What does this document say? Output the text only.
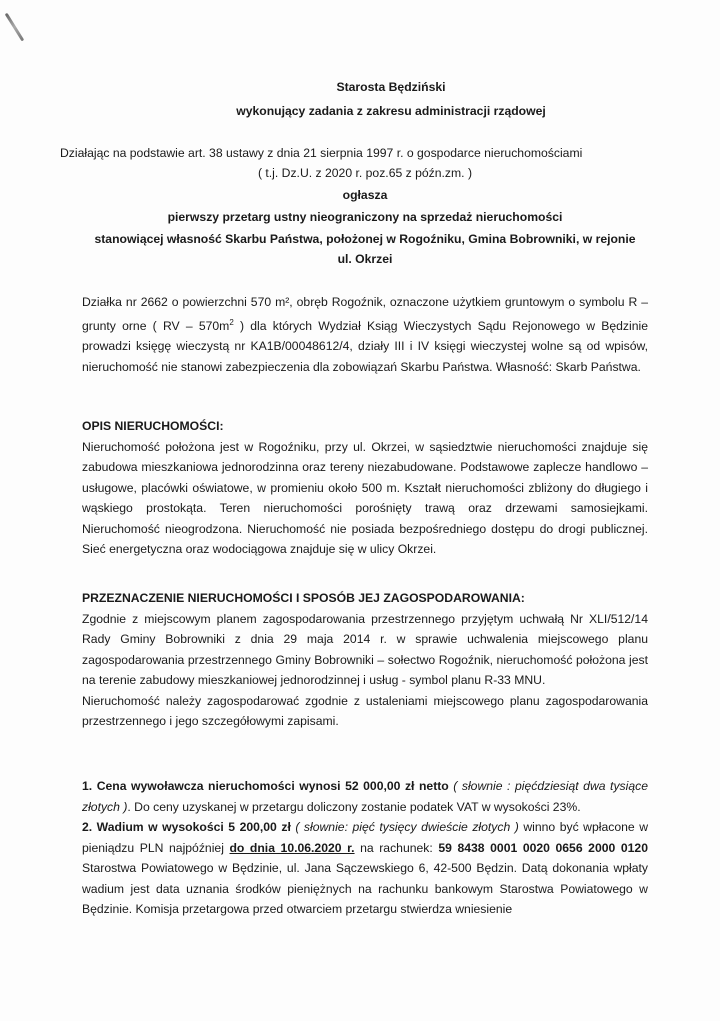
Starosta Będziński
wykonujący zadania z zakresu administracji rządowej
Działając na podstawie art. 38 ustawy z dnia 21 sierpnia 1997 r. o gospodarce nieruchomościami
( t.j. Dz.U. z 2020 r. poz.65 z późn.zm. )
ogłasza
pierwszy przetarg ustny nieograniczony na sprzedaż nieruchomości
stanowiącej własność Skarbu Państwa, położonej w Rogoźniku, Gmina Bobrowniki, w rejonie
ul. Okrzei
Działka nr 2662 o powierzchni 570 m², obręb Rogoźnik, oznaczone użytkiem gruntowym o symbolu R – grunty orne ( RV – $570m^2$ ) dla których Wydział Ksiąg Wieczystych Sądu Rejonowego w Będzinie prowadzi księgę wieczystą nr KA1B/00048612/4, działy III i IV księgi wieczystej wolne są od wpisów, nieruchomość nie stanowi zabezpieczenia dla zobowiązań Skarbu Państwa. Własność: Skarb Państwa.
OPIS NIERUCHOMOŚCI:
Nieruchomość położona jest w Rogoźniku, przy ul. Okrzei, w sąsiedztwie nieruchomości znajduje się zabudowa mieszkaniowa jednorodzinna oraz tereny niezabudowane. Podstawowe zaplecze handlowo – usługowe, placówki oświatowe, w promieniu około 500 m. Kształt nieruchomości zbliżony do długiego i wąskiego prostokąta. Teren nieruchomości porośnięty trawą oraz drzewami samosiejkami. Nieruchomość nieogrodzona. Nieruchomość nie posiada bezpośredniego dostępu do drogi publicznej. Sieć energetyczna oraz wodociągowa znajduje się w ulicy Okrzei.
PRZEZNACZENIE NIERUCHOMOŚCI I SPOSÓB JEJ ZAGOSPODAROWANIA:
Zgodnie z miejscowym planem zagospodarowania przestrzennego przyjętym uchwałą Nr XLI/512/14 Rady Gminy Bobrowniki z dnia 29 maja 2014 r. w sprawie uchwalenia miejscowego planu zagospodarowania przestrzennego Gminy Bobrowniki – sołectwo Rogoźnik, nieruchomość położona jest na terenie zabudowy mieszkaniowej jednorodzinnej i usług - symbol planu R-33 MNU.
Nieruchomość należy zagospodarować zgodnie z ustaleniami miejscowego planu zagospodarowania przestrzennego i jego szczegółowymi zapisami.
1. Cena wywoławcza nieruchomości wynosi 52 000,00 zł netto ( słownie : pięćdziesiąt dwa tysiące złotych ). Do ceny uzyskanej w przetargu doliczony zostanie podatek VAT w wysokości 23%.
2. Wadium w wysokości 5 200,00 zł ( słownie: pięć tysięcy dwieście złotych ) winno być wpłacone w pieniądzu PLN najpóźniej do dnia 10.06.2020 r. na rachunek: 59 8438 0001 0020 0656 2000 0120 Starostwa Powiatowego w Będzinie, ul. Jana Sączewskiego 6, 42-500 Będzin. Datą dokonania wpłaty wadium jest data uznania środków pieniężnych na rachunku bankowym Starostwa Powiatowego w Będzinie. Komisja przetargowa przed otwarciem przetargu stwierdza wniesienie
